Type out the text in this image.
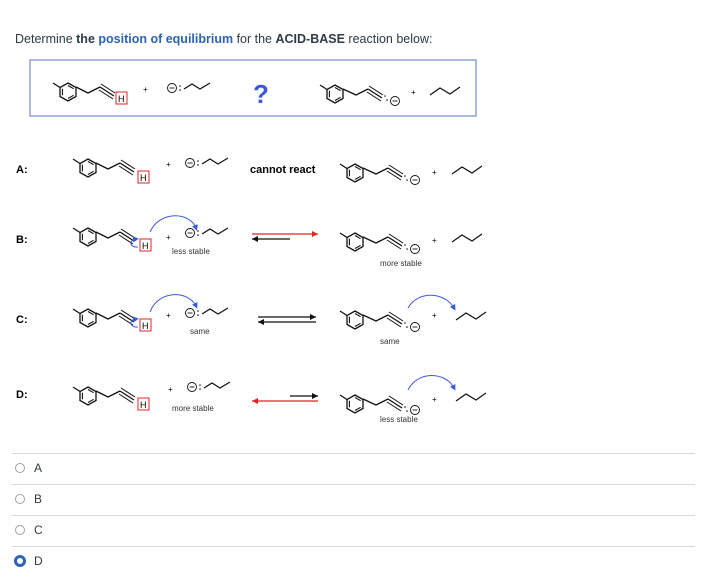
Determine the position of equilibrium for the ACID-BASE reaction below:
H
+	?	+
A:
B:
C:
D:
H
+	cannot react	+
H
+
less stable
+
more stable
H
+
same
+
same
H
+
more stable
+
less stable
A
B
C
D
